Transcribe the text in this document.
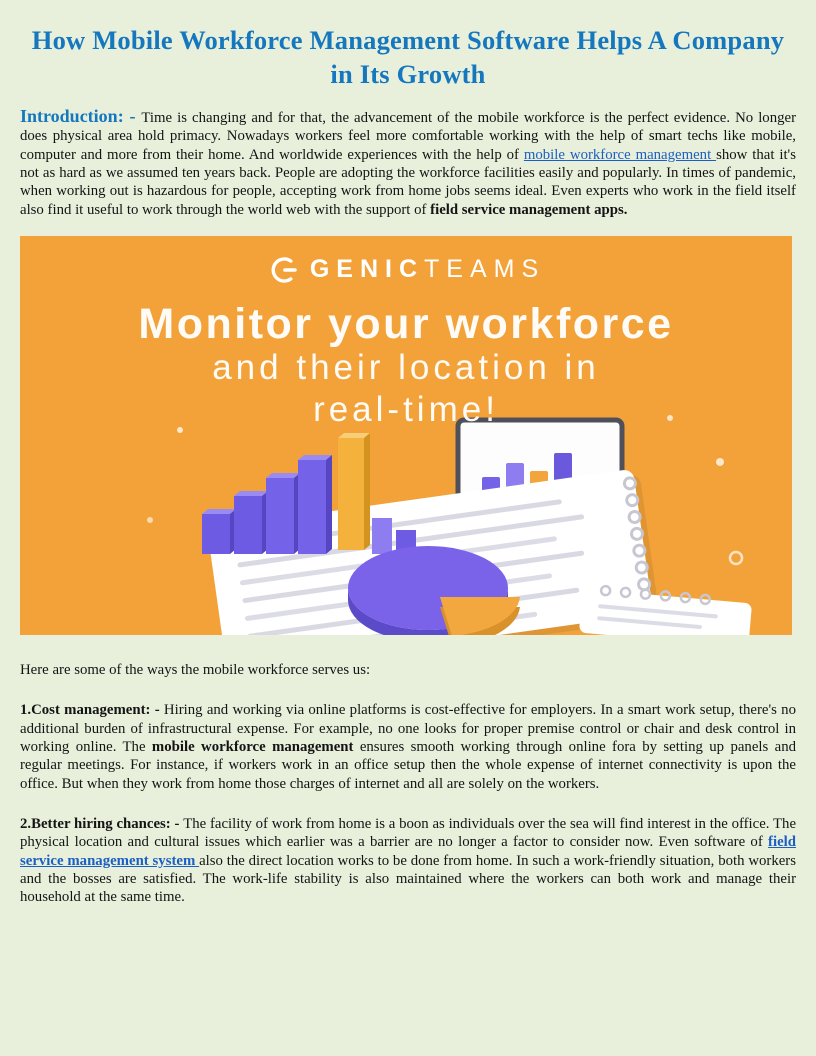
How Mobile Workforce Management Software Helps A Company in Its Growth

Introduction: - Time is changing and for that, the advancement of the mobile workforce is the perfect evidence. No longer does physical area hold primacy. Nowadays workers feel more comfortable working with the help of smart techs like mobile, computer and more from their home. And worldwide experiences with the help of mobile workforce management show that it's not as hard as we assumed ten years back. People are adopting the workforce facilities easily and popularly. In times of pandemic, when working out is hazardous for people, accepting work from home jobs seems ideal. Even experts who work in the field itself also find it useful to work through the world web with the support of field service management apps.

GENICTEAMS
Monitor your workforce
and their location in
real-time!

Here are some of the ways the mobile workforce serves us:

1.Cost management: - Hiring and working via online platforms is cost-effective for employers. In a smart work setup, there's no additional burden of infrastructural expense. For example, no one looks for proper premise control or chair and desk control in working online. The mobile workforce management ensures smooth working through online fora by setting up panels and regular meetings. For instance, if workers work in an office setup then the whole expense of internet connectivity is upon the office. But when they work from home those charges of internet and all are solely on the workers.

2.Better hiring chances: - The facility of work from home is a boon as individuals over the sea will find interest in the office. The physical location and cultural issues which earlier was a barrier are no longer a factor to consider now. Even software of field service management system also the direct location works to be done from home. In such a work-friendly situation, both workers and the bosses are satisfied. The work-life stability is also maintained where the workers can both work and manage their household at the same time.
